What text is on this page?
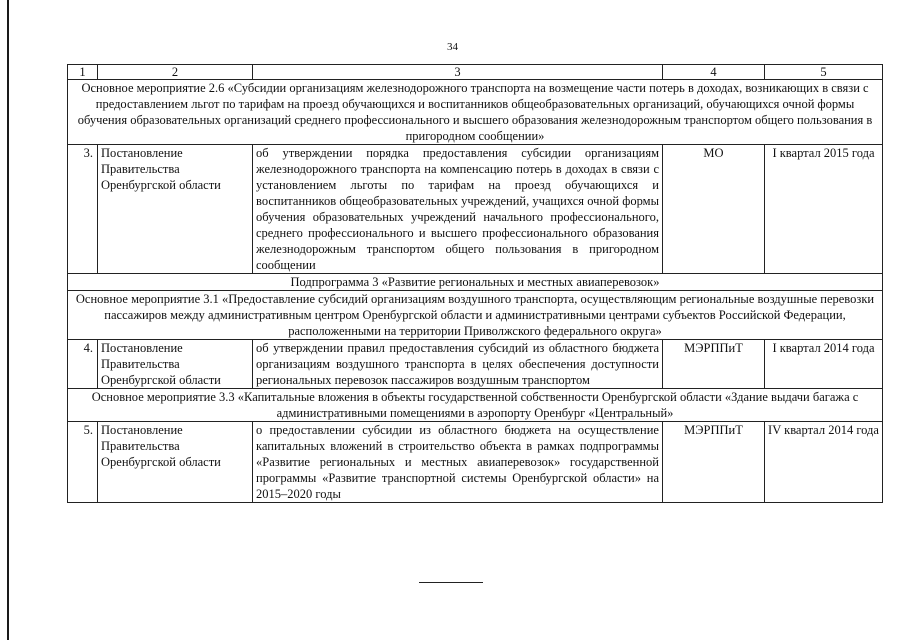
34
1	2	3	4	5
Основное мероприятие 2.6 «Субсидии организациям железнодорожного транспорта на возмещение части потерь в доходах, возникающих в связи с предоставлением льгот по тарифам на проезд обучающихся и воспитанников общеобразовательных организаций, обучающихся очной формы обучения образовательных организаций среднего профессионального и высшего образования железнодорожным транспортом общего пользования в пригородном сообщении»				
3.	Постановление Правительства Оренбургской области	об утверждении порядка предоставления субсидии организациям железнодорожного транспорта на компенсацию потерь в доходах в связи с установлением льготы по тарифам на проезд обучающихся и воспитанников общеобразовательных учреждений, учащихся очной формы обучения образовательных учреждений начального профессионального, среднего профессионального и высшего профессионального образования железнодорожным транспортом общего пользования в пригородном сообщении	МО	I квартал 2015 года
Подпрограмма 3 «Развитие региональных и местных авиаперевозок»				
Основное мероприятие 3.1 «Предоставление субсидий организациям воздушного транспорта, осуществляющим региональные воздушные перевозки пассажиров между административным центром Оренбургской области и административными центрами субъектов Российской Федерации, расположенными на территории Приволжского федерального округа»				
4.	Постановление Правительства Оренбургской области	об утверждении правил предоставления субсидий из областного бюджета организациям воздушного транспорта в целях обеспечения доступности региональных перевозок пассажиров воздушным транспортом	МЭРППиТ	I квартал 2014 года
Основное мероприятие 3.3 «Капитальные вложения в объекты государственной собственности Оренбургской области «Здание выдачи багажа с административными помещениями в аэропорту Оренбург «Центральный»				
5.	Постановление Правительства Оренбургской области	о предоставлении субсидии из областного бюджета на осуществление капитальных вложений в строительство объекта в рамках подпрограммы «Развитие региональных и местных авиаперевозок» государственной программы «Развитие транспортной системы Оренбургской области» на 2015–2020 годы	МЭРППиТ	IV квартал 2014 года
